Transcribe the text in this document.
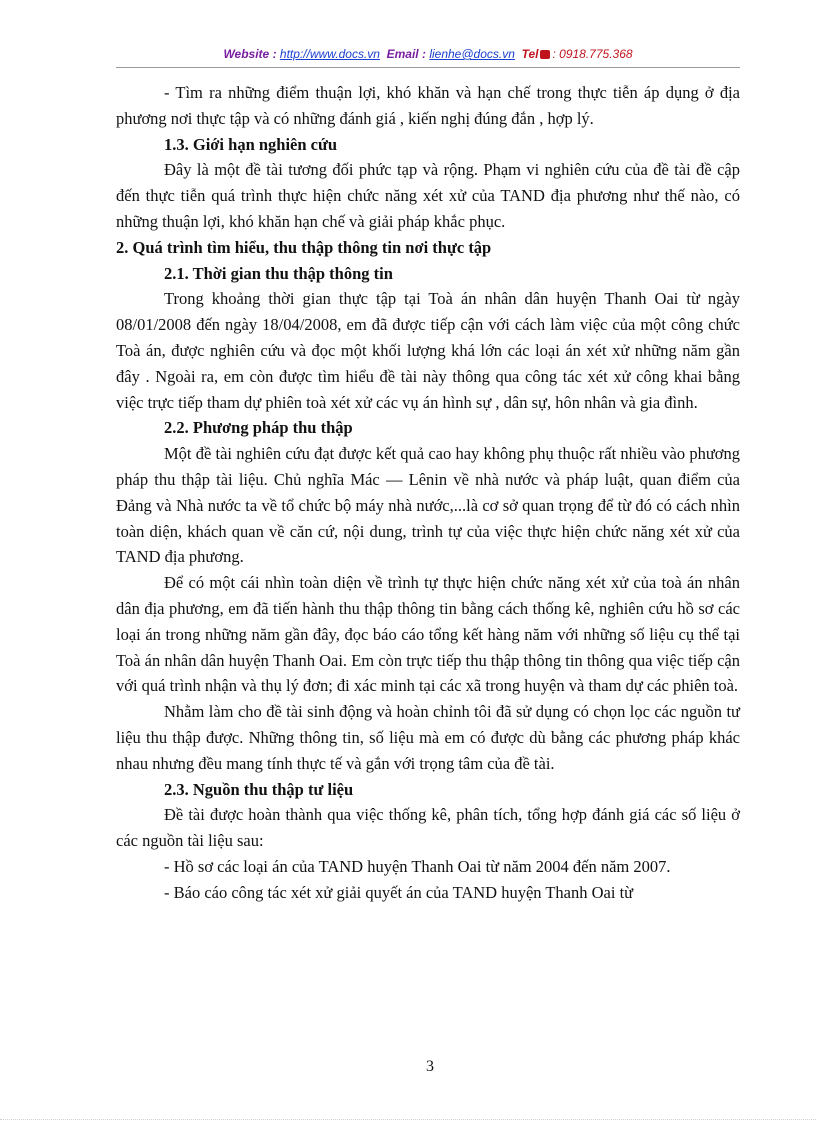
Website : http://www.docs.vn Email : lienhe@docs.vn Tel : 0918.775.368

- Tìm ra những điểm thuận lợi, khó khăn và hạn chế trong thực tiễn áp dụng ở địa phương nơi thực tập và có những đánh giá , kiến nghị đúng đắn , hợp lý.

1.3. Giới hạn nghiên cứu

Đây là một đề tài tương đối phức tạp và rộng. Phạm vi nghiên cứu của đề tài đề cập đến thực tiễn quá trình thực hiện chức năng xét xử của TAND địa phương như thế nào, có những thuận lợi, khó khăn hạn chế và giải pháp khắc phục.

2. Quá trình tìm hiểu, thu thập thông tin nơi thực tập

2.1. Thời gian thu thập thông tin

Trong khoảng thời gian thực tập tại Toà án nhân dân huyện Thanh Oai từ ngày 08/01/2008 đến ngày 18/04/2008, em đã được tiếp cận với cách làm việc của một công chức Toà án, được nghiên cứu và đọc một khối lượng khá lớn các loại án xét xử những năm gần đây . Ngoài ra, em còn được tìm hiểu đề tài này thông qua công tác xét xử công khai bằng việc trực tiếp tham dự phiên toà xét xử các vụ án hình sự , dân sự, hôn nhân và gia đình.

2.2. Phương pháp thu thập

Một đề tài nghiên cứu đạt được kết quả cao hay không phụ thuộc rất nhiều vào phương pháp thu thập tài liệu. Chủ nghĩa Mác — Lênin về nhà nước và pháp luật, quan điểm của Đảng và Nhà nước ta về tổ chức bộ máy nhà nước,...là cơ sở quan trọng để từ đó có cách nhìn toàn diện, khách quan về căn cứ, nội dung, trình tự của việc thực hiện chức năng xét xử của TAND địa phương.

Để có một cái nhìn toàn diện về trình tự thực hiện chức năng xét xử của toà án nhân dân địa phương, em đã tiến hành thu thập thông tin bằng cách thống kê, nghiên cứu hồ sơ các loại án trong những năm gần đây, đọc báo cáo tổng kết hàng năm với những số liệu cụ thể tại Toà án nhân dân huyện Thanh Oai. Em còn trực tiếp thu thập thông tin thông qua việc tiếp cận với quá trình nhận và thụ lý đơn; đi xác minh tại các xã trong huyện và tham dự các phiên toà.

Nhằm làm cho đề tài sinh động và hoàn chỉnh tôi đã sử dụng có chọn lọc các nguồn tư liệu thu thập được. Những thông tin, số liệu mà em có được dù bằng các phương pháp khác nhau nhưng đều mang tính thực tế và gắn với trọng tâm của đề tài.

2.3. Nguồn thu thập tư liệu

Đề tài được hoàn thành qua việc thống kê, phân tích, tổng hợp đánh giá các số liệu ở các nguồn tài liệu sau:

- Hồ sơ các loại án của TAND huyện Thanh Oai từ năm 2004 đến năm 2007.

- Báo cáo công tác xét xử giải quyết án của TAND huyện Thanh Oai từ

3
